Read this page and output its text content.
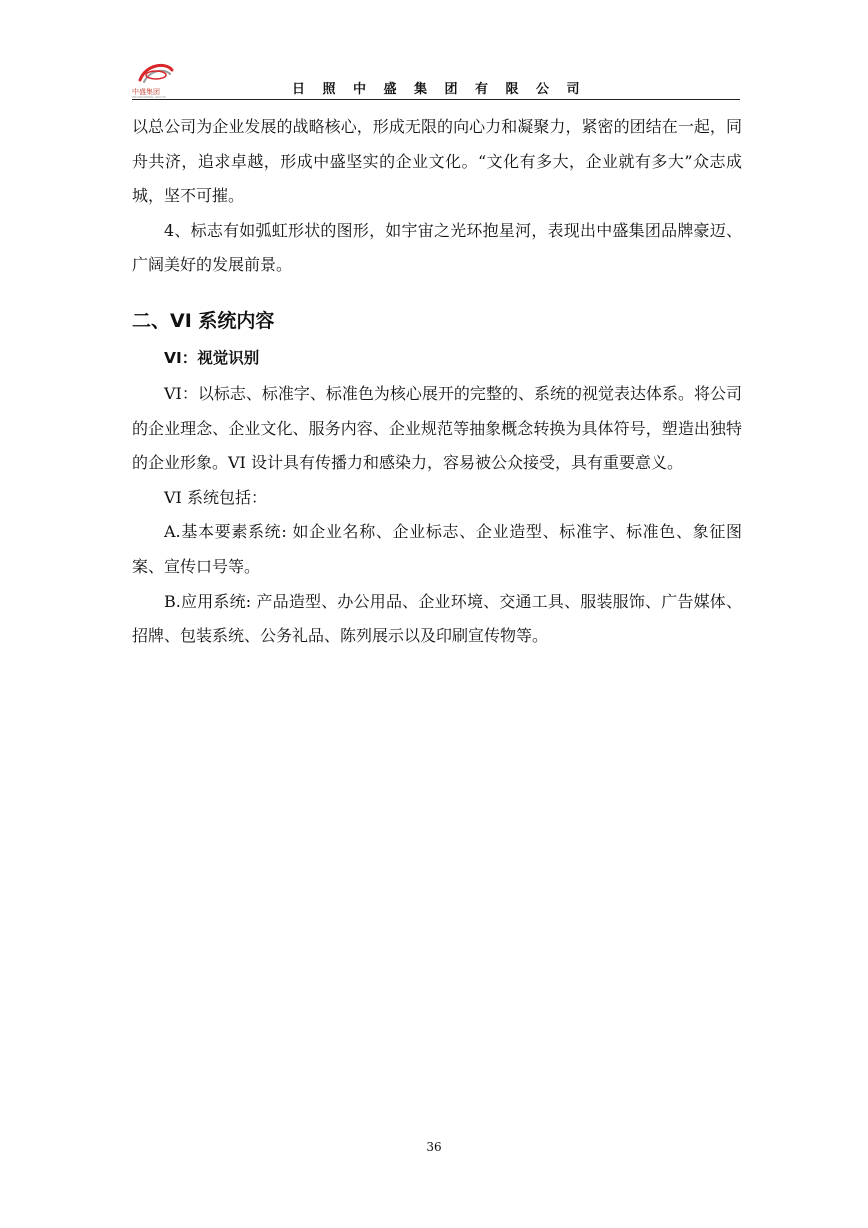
中盛集团
ZHONGSHENG GROUP	日照中盛集团有限公司

以总公司为企业发展的战略核心，形成无限的向心力和凝聚力，紧密的团结在一起，同舟共济，追求卓越，形成中盛坚实的企业文化。“文化有多大，企业就有多大”众志成城，坚不可摧。

4、标志有如弧虹形状的图形，如宇宙之光环抱星河，表现出中盛集团品牌豪迈、广阔美好的发展前景。

二、VI 系统内容

VI：视觉识别

VI：以标志、标准字、标准色为核心展开的完整的、系统的视觉表达体系。将公司的企业理念、企业文化、服务内容、企业规范等抽象概念转换为具体符号，塑造出独特的企业形象。VI 设计具有传播力和感染力，容易被公众接受，具有重要意义。

VI 系统包括：

A.基本要素系统: 如企业名称、企业标志、企业造型、标准字、标准色、象征图案、宣传口号等。

B.应用系统: 产品造型、办公用品、企业环境、交通工具、服装服饰、广告媒体、招牌、包装系统、公务礼品、陈列展示以及印刷宣传物等。

36
